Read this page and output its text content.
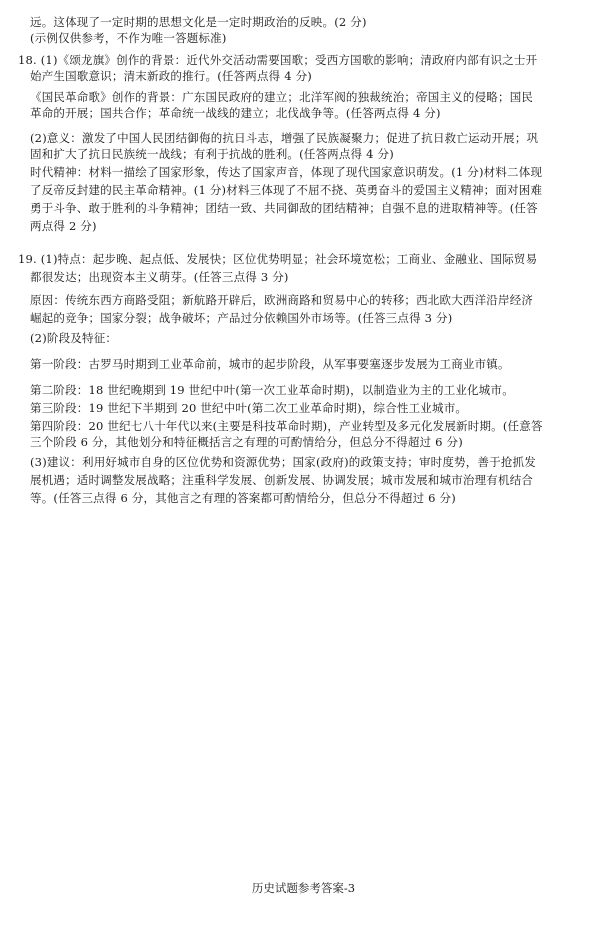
远。这体现了一定时期的思想文化是一定时期政治的反映。(2 分)
(示例仅供参考，不作为唯一答题标准)
18. (1)《颂龙旗》创作的背景：近代外交活动需要国歌；受西方国歌的影响；清政府内部有识之士开
始产生国歌意识；清末新政的推行。(任答两点得 4 分)
《国民革命歌》创作的背景：广东国民政府的建立；北洋军阀的独裁统治；帝国主义的侵略；国民
革命的开展；国共合作；革命统一战线的建立；北伐战争等。(任答两点得 4 分)
(2)意义：激发了中国人民团结御侮的抗日斗志，增强了民族凝聚力；促进了抗日救亡运动开展；巩
固和扩大了抗日民族统一战线；有利于抗战的胜利。(任答两点得 4 分)
时代精神：材料一描绘了国家形象，传达了国家声音，体现了现代国家意识萌发。(1 分)材料二体现
了反帝反封建的民主革命精神。(1 分)材料三体现了不屈不挠、英勇奋斗的爱国主义精神；面对困难
勇于斗争、敢于胜利的斗争精神；团结一致、共同御敌的团结精神；自强不息的进取精神等。(任答
两点得 2 分)
19. (1)特点：起步晚、起点低、发展快；区位优势明显；社会环境宽松；工商业、金融业、国际贸易
都很发达；出现资本主义萌芽。(任答三点得 3 分)
原因：传统东西方商路受阻；新航路开辟后，欧洲商路和贸易中心的转移；西北欧大西洋沿岸经济
崛起的竞争；国家分裂；战争破坏；产品过分依赖国外市场等。(任答三点得 3 分)
(2)阶段及特征：
第一阶段：古罗马时期到工业革命前，城市的起步阶段，从军事要塞逐步发展为工商业市镇。
第二阶段：18 世纪晚期到 19 世纪中叶(第一次工业革命时期)，以制造业为主的工业化城市。
第三阶段：19 世纪下半期到 20 世纪中叶(第二次工业革命时期)，综合性工业城市。
第四阶段：20 世纪七八十年代以来(主要是科技革命时期)，产业转型及多元化发展新时期。(任意答
三个阶段 6 分，其他划分和特征概括言之有理的可酌情给分，但总分不得超过 6 分)
(3)建议：利用好城市自身的区位优势和资源优势；国家(政府)的政策支持；审时度势，善于抢抓发
展机遇；适时调整发展战略；注重科学发展、创新发展、协调发展；城市发展和城市治理有机结合
等。(任答三点得 6 分，其他言之有理的答案都可酌情给分，但总分不得超过 6 分)
历史试题参考答案-3
